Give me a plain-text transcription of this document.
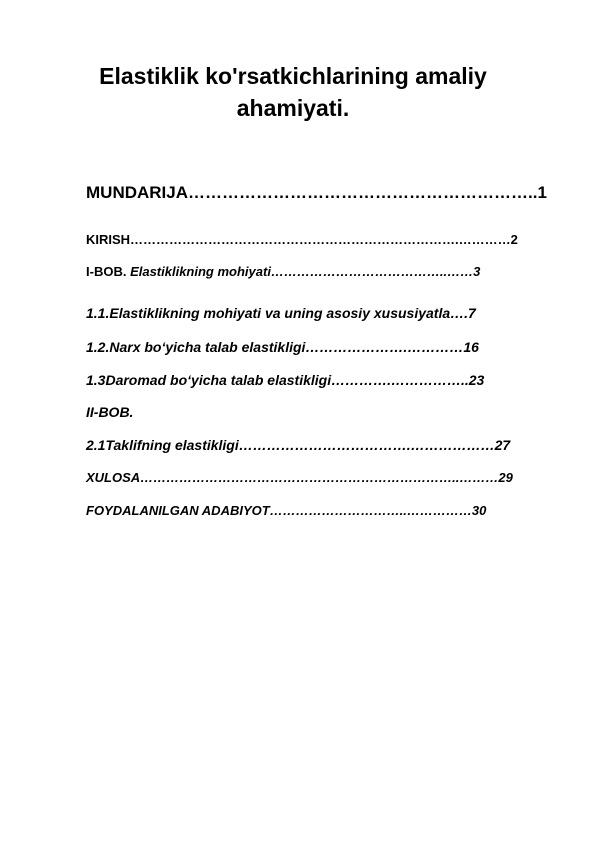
Elastiklik ko'rsatkichlarining amaliy
ahamiyati.
MUNDARIJA……………………………………………………..1
KIRISH………………………………………………………………….…………2
I-BOB. Elastiklikning mohiyati…………………………………..……3
1.1.Elastiklikning mohiyati va uning asosiy xususiyatla….7
1.2.Narx bo‘yicha talab elastikligi………………….…………16
1.3Daromad bo‘yicha talab elastikligi………….……………..23
II-BOB.
2.1Taklifning elastikligi……………………………….………………27
XULOSA………………………………………………………………..………29
FOYDALANILGAN ADABIYOT…………………………..……………30
